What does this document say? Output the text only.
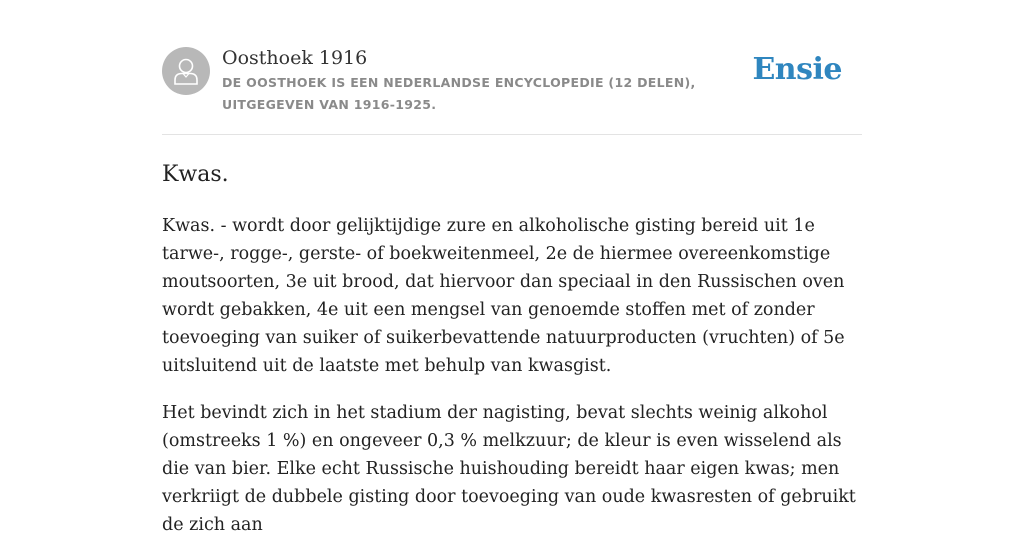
Oosthoek 1916

DE OOSTHOEK IS EEN NEDERLANDSE ENCYCLOPEDIE (12 DELEN), UITGEGEVEN VAN 1916-1925.

Ensie
Kwas.

Kwas. - wordt door gelijktijdige zure en alkoholische gisting bereid uit 1e tarwe-, rogge-, gerste- of boekweitenmeel, 2e de hiermee overeenkomstige moutsoorten, 3e uit brood, dat hiervoor dan speciaal in den Russischen oven wordt gebakken, 4e uit een mengsel van genoemde stoffen met of zonder toevoeging van suiker of suikerbevattende natuurproducten (vruchten) of 5e uitsluitend uit de laatste met behulp van kwasgist.

Het bevindt zich in het stadium der nagisting, bevat slechts weinig alkohol (omstreeks 1 %) en ongeveer 0,3 % melkzuur; de kleur is even wisselend als die van bier. Elke echt Russische huishouding bereidt haar eigen kwas; men verkriigt de dubbele gisting door toevoeging van oude kwasresten of gebruikt de zich aan
